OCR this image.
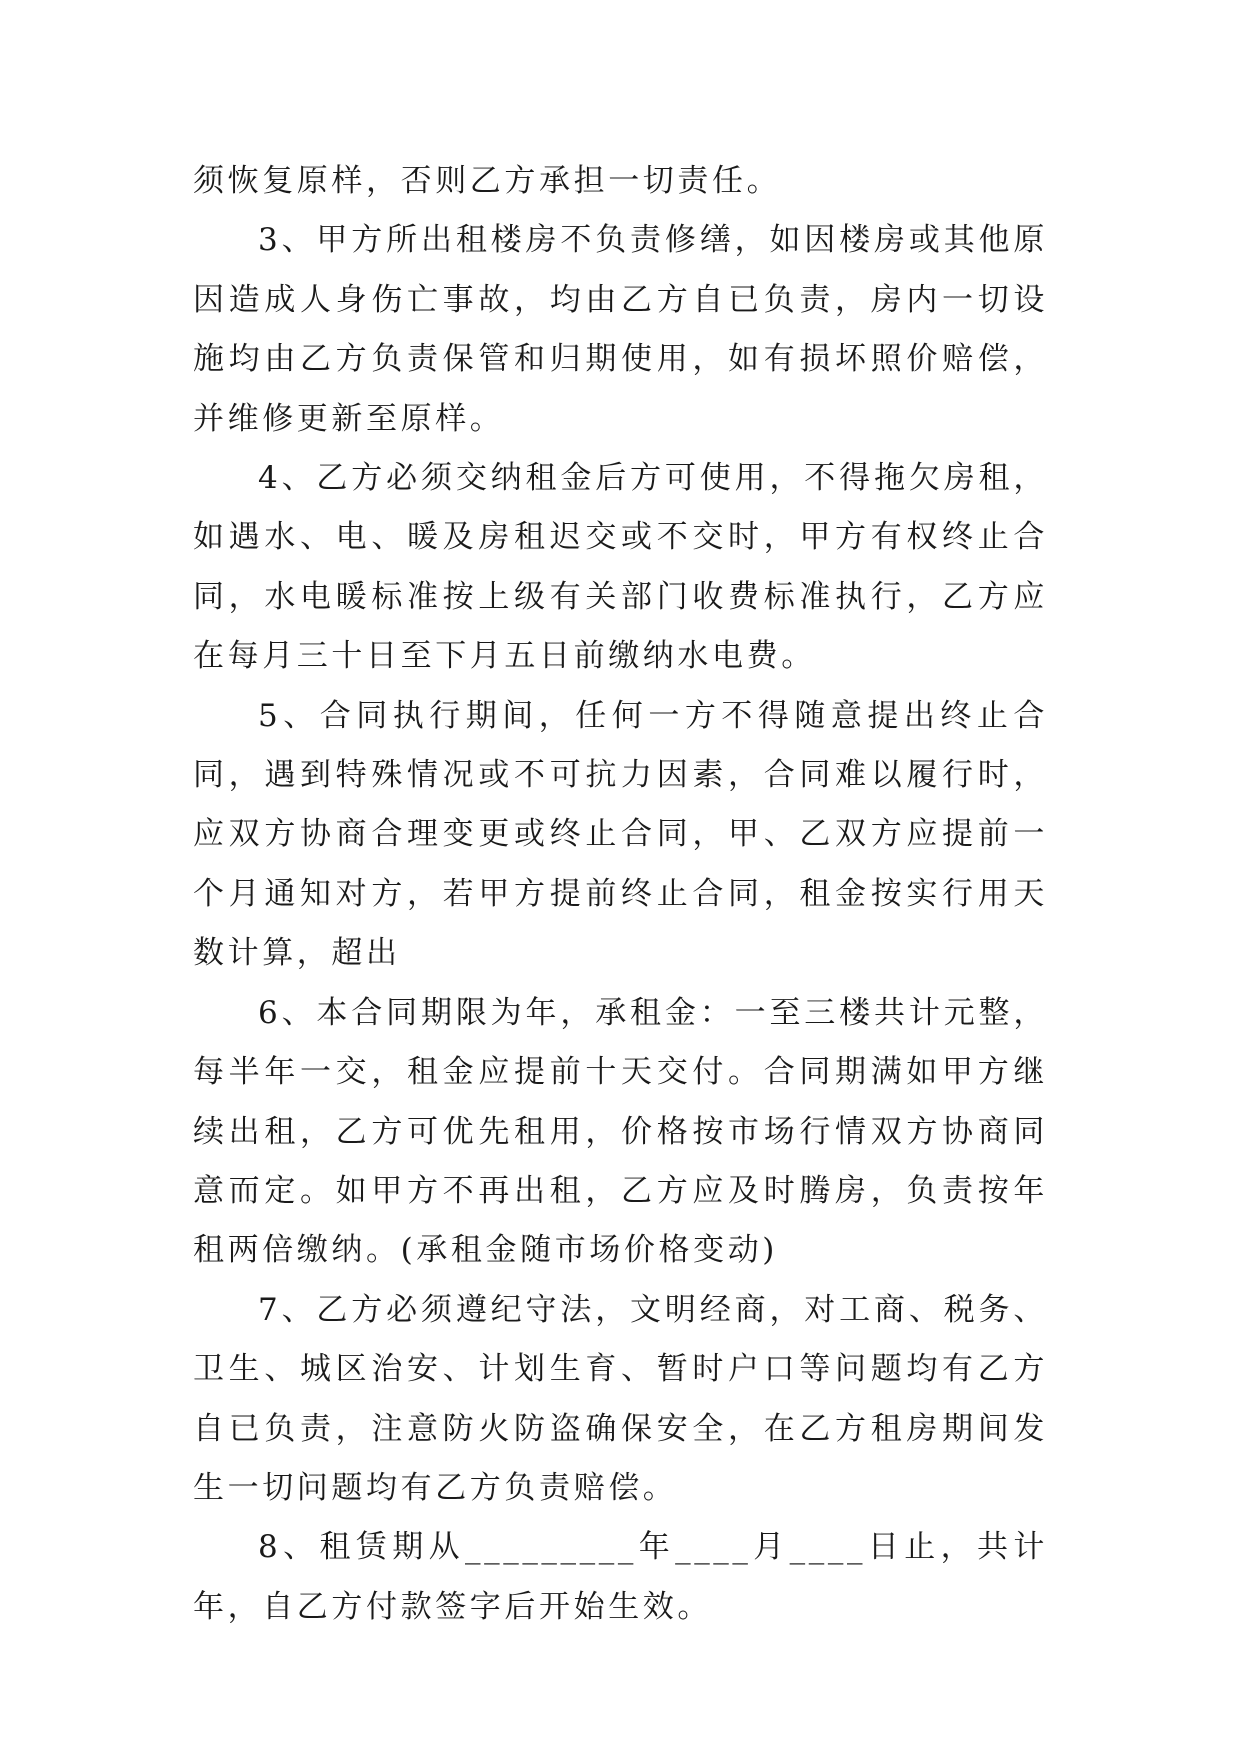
须恢复原样，否则乙方承担一切责任。

3、甲方所出租楼房不负责修缮，如因楼房或其他原因造成人身伤亡事故，均由乙方自已负责，房内一切设施均由乙方负责保管和归期使用，如有损坏照价赔偿，并维修更新至原样。

4、乙方必须交纳租金后方可使用，不得拖欠房租，如遇水、电、暖及房租迟交或不交时，甲方有权终止合同，水电暖标准按上级有关部门收费标准执行，乙方应在每月三十日至下月五日前缴纳水电费。

5、合同执行期间，任何一方不得随意提出终止合同，遇到特殊情况或不可抗力因素，合同难以履行时，应双方协商合理变更或终止合同，甲、乙双方应提前一个月通知对方，若甲方提前终止合同，租金按实行用天数计算，超出

6、本合同期限为年，承租金：一至三楼共计元整，每半年一交，租金应提前十天交付。合同期满如甲方继续出租，乙方可优先租用，价格按市场行情双方协商同意而定。如甲方不再出租，乙方应及时腾房，负责按年租两倍缴纳。(承租金随市场价格变动)

7、乙方必须遵纪守法，文明经商，对工商、税务、卫生、城区治安、计划生育、暂时户口等问题均有乙方自已负责，注意防火防盗确保安全，在乙方租房期间发生一切问题均有乙方负责赔偿。

8、租赁期从_________年____月____日止，共计年，自乙方付款签字后开始生效。
